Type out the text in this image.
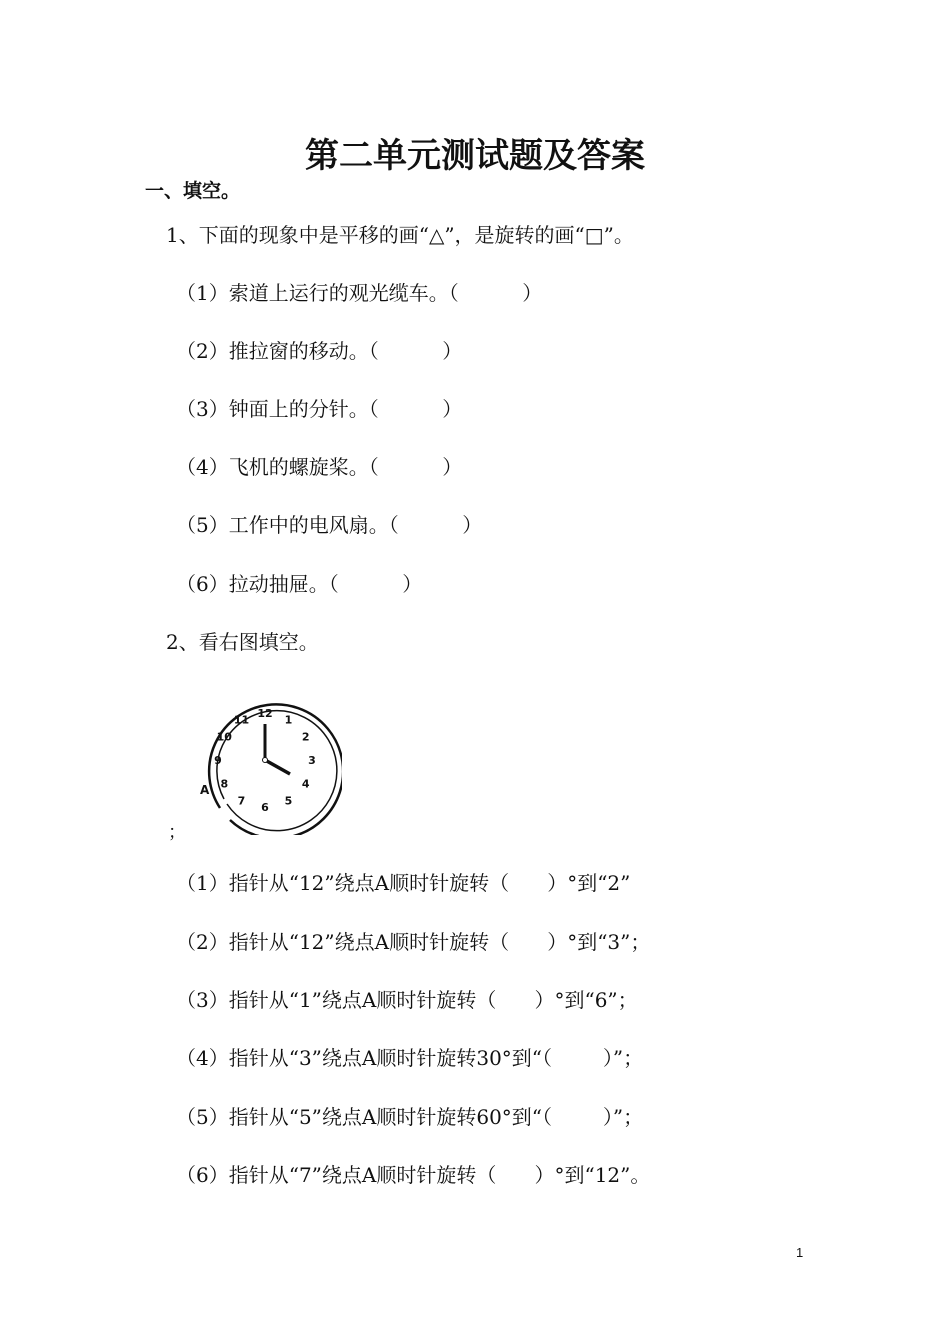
第二单元测试题及答案
一、填空。
1、下面的现象中是平移的画“△”，是旋转的画“□”。
（1）索道上运行的观光缆车。（          ）
（2）推拉窗的移动。（          ）
（3）钟面上的分针。（          ）
（4）飞机的螺旋桨。（          ）
（5）工作中的电风扇。（          ）
（6）拉动抽屉。（          ）
2、看右图填空。
12 1
2
3
4
5
6
7
8
9
10
11
A
；
（1）指针从“12”绕点A顺时针旋转（      ）°到“2”
（2）指针从“12”绕点A顺时针旋转（      ）°到“3”；
（3）指针从“1”绕点A顺时针旋转（      ）°到“6”；
（4）指针从“3”绕点A顺时针旋转30°到“（        ）”；
（5）指针从“5”绕点A顺时针旋转60°到“（        ）”；
（6）指针从“7”绕点A顺时针旋转（      ）°到“12”。
1
